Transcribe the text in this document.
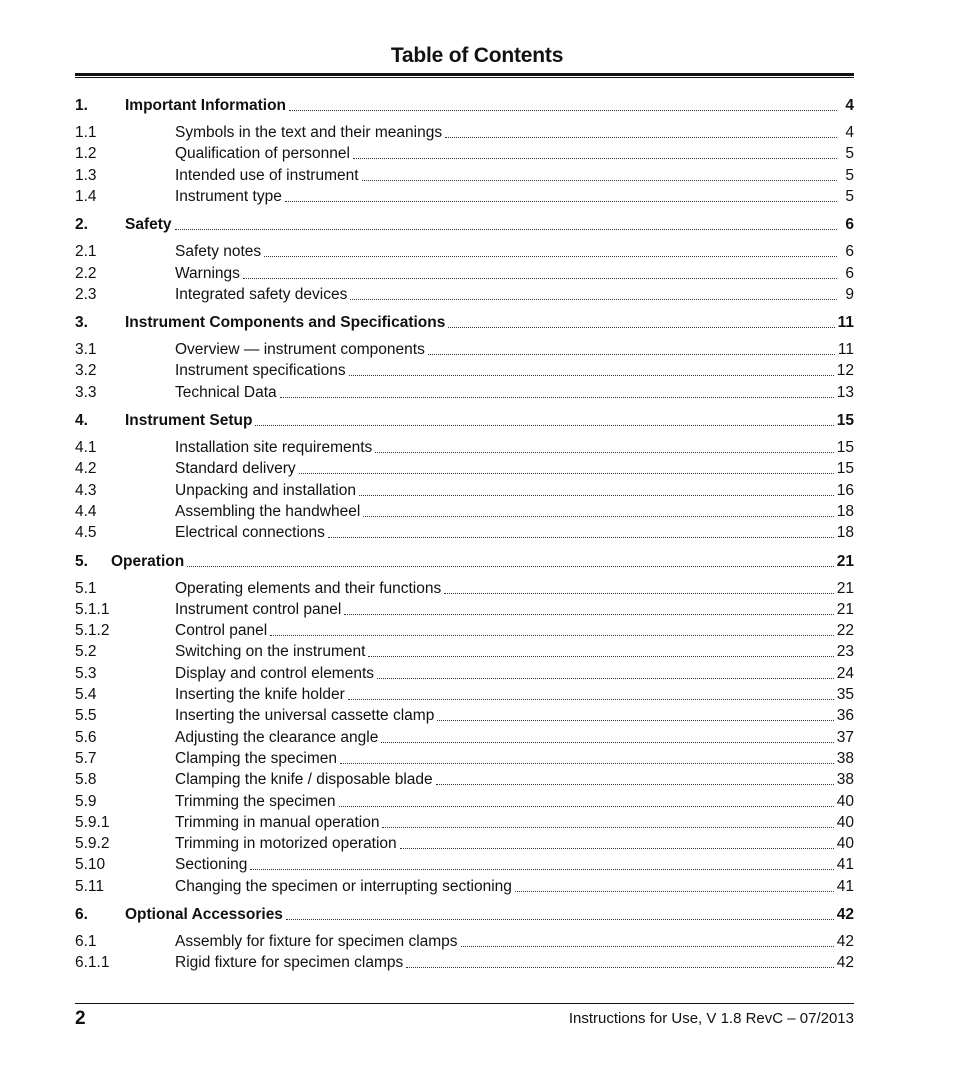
Table of Contents
1.	Important Information	4
1.1	Symbols in the text and their meanings	4
1.2	Qualification of personnel	5
1.3	Intended use of instrument	5
1.4	Instrument type	5
2.	Safety	6
2.1	Safety notes	6
2.2	Warnings	6
2.3	Integrated safety devices	9
3.	Instrument Components and Specifications	11
3.1	Overview — instrument components	11
3.2	Instrument specifications	12
3.3	Technical Data	13
4.	Instrument Setup	15
4.1	Installation site requirements	15
4.2	Standard delivery	15
4.3	Unpacking and installation	16
4.4	Assembling the handwheel	18
4.5	Electrical connections	18
5.	Operation	21
5.1	Operating elements and their functions	21
5.1.1	Instrument control panel	21
5.1.2	Control panel	22
5.2	Switching on the instrument	23
5.3	Display and control elements	24
5.4	Inserting the knife holder	35
5.5	Inserting the universal cassette clamp	36
5.6	Adjusting the clearance angle	37
5.7	Clamping the specimen	38
5.8	Clamping the knife / disposable blade	38
5.9	Trimming the specimen	40
5.9.1	Trimming in manual operation	40
5.9.2	Trimming in motorized operation	40
5.10	Sectioning	41
5.11	Changing the specimen or interrupting sectioning	41
6.	Optional Accessories	42
6.1	Assembly for fixture for specimen clamps	42
6.1.1	Rigid fixture for specimen clamps	42
2	Instructions for Use, V 1.8 RevC – 07/2013
